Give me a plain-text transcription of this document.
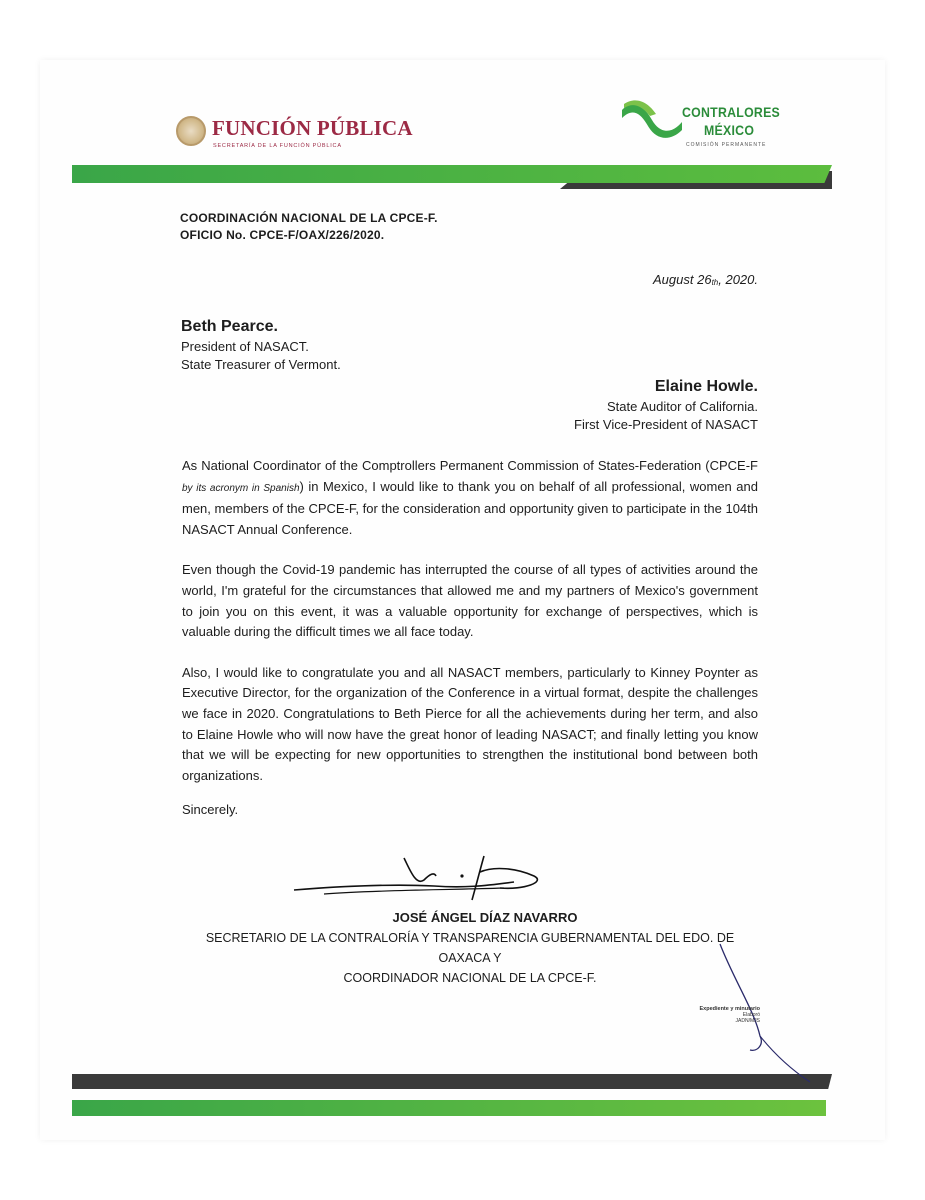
FUNCIÓN PÚBLICA
SECRETARÍA DE LA FUNCIÓN PÚBLICA
CONTRALORES
MÉXICO
COMISIÓN PERMANENTE
COORDINACIÓN NACIONAL DE LA CPCE-F.
OFICIO No. CPCE-F/OAX/226/2020.
August $26_{th}$, 2020.
Beth Pearce.
President of NASACT.
State Treasurer of Vermont.
Elaine Howle.
State Auditor of California.
First Vice-President of NASACT

As National Coordinator of the Comptrollers Permanent Commission of States-Federation (CPCE-F by its acronym in Spanish) in Mexico, I would like to thank you on behalf of all professional, women and men, members of the CPCE-F, for the consideration and opportunity given to participate in the 104th NASACT Annual Conference.

Even though the Covid-19 pandemic has interrupted the course of all types of activities around the world, I'm grateful for the circumstances that allowed me and my partners of Mexico's government to join you on this event, it was a valuable opportunity for exchange of perspectives, which is valuable during the difficult times we all face today.

Also, I would like to congratulate you and all NASACT members, particularly to Kinney Poynter as Executive Director, for the organization of the Conference in a virtual format, despite the challenges we face in 2020. Congratulations to Beth Pierce for all the achievements during her term, and also to Elaine Howle who will now have the great honor of leading NASACT; and finally letting you know that we will be expecting for new opportunities to strengthen the institutional bond between both organizations.

Sincerely.
JOSÉ ÁNGEL DÍAZ NAVARRO
SECRETARIO DE LA CONTRALORÍA Y TRANSPARENCIA GUBERNAMENTAL DEL EDO. DE OAXACA Y
COORDINADOR NACIONAL DE LA CPCE-F.
Expediente y minutario
Elaboró
JADN/MJS
